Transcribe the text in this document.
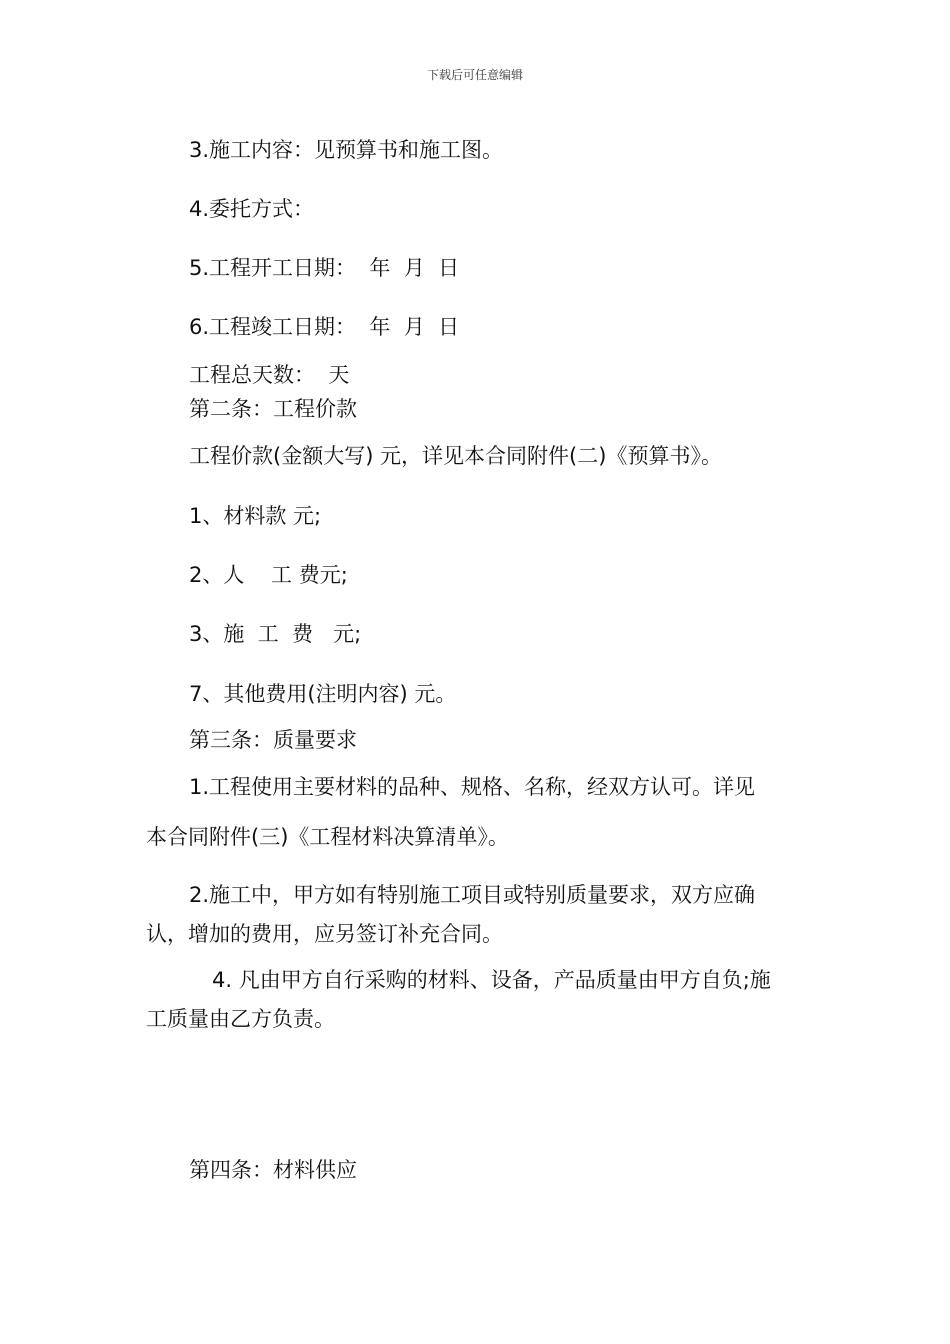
下载后可任意编辑
3.施工内容：见预算书和施工图。
4.委托方式：
5.工程开工日期：  年  月  日
6.工程竣工日期：  年  月  日
工程总天数：  天
第二条：工程价款
工程价款(金额大写) 元，详见本合同附件(二)《预算书》。
1、材料款 元;
2、人    工 费元;
3、施  工  费   元;
7、其他费用(注明内容) 元。
第三条：质量要求
1.工程使用主要材料的品种、规格、名称，经双方认可。详见
本合同附件(三)《工程材料决算清单》。
2.施工中，甲方如有特别施工项目或特别质量要求，双方应确
认，增加的费用，应另签订补充合同。
4. 凡由甲方自行采购的材料、设备，产品质量由甲方自负;施
工质量由乙方负责。
第四条：材料供应
